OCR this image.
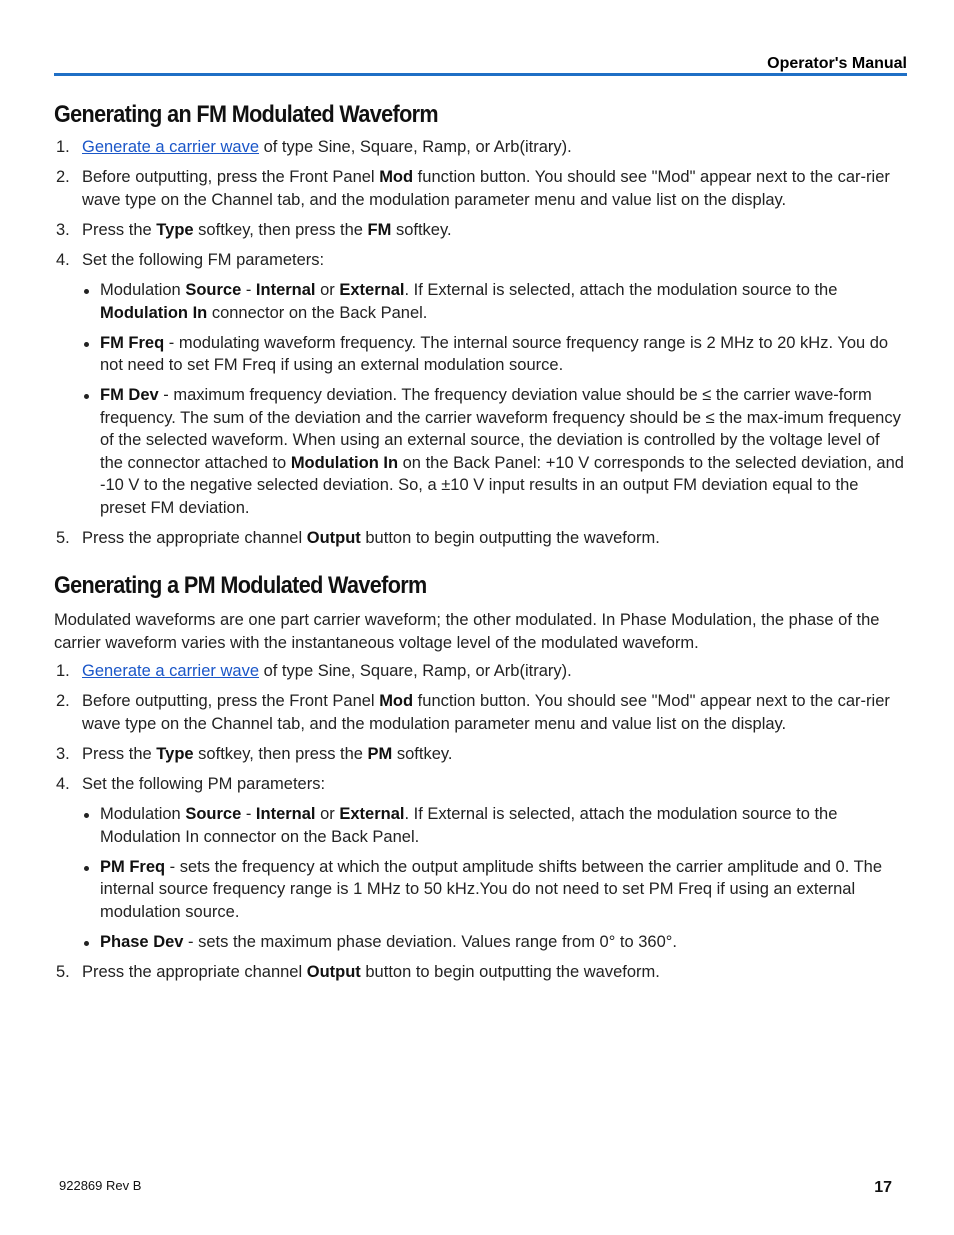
Operator's Manual
Generating an FM Modulated Waveform
1. Generate a carrier wave of type Sine, Square, Ramp, or Arb(itrary).
2. Before outputting, press the Front Panel Mod function button. You should see "Mod" appear next to the car-rier wave type on the Channel tab, and the modulation parameter menu and value list on the display.
3. Press the Type softkey, then press the FM softkey.
4. Set the following FM parameters:
Modulation Source - Internal or External. If External is selected, attach the modulation source to the Modulation In connector on the Back Panel.
FM Freq - modulating waveform frequency. The internal source frequency range is 2 MHz to 20 kHz. You do not need to set FM Freq if using an external modulation source.
FM Dev - maximum frequency deviation. The frequency deviation value should be ≤ the carrier wave-form frequency. The sum of the deviation and the carrier waveform frequency should be ≤ the max-imum frequency of the selected waveform. When using an external source, the deviation is controlled by the voltage level of the connector attached to Modulation In on the Back Panel: +10 V corresponds to the selected deviation, and -10 V to the negative selected deviation. So, a ±10 V input results in an output FM deviation equal to the preset FM deviation.
5. Press the appropriate channel Output button to begin outputting the waveform.
Generating a PM Modulated Waveform

Modulated waveforms are one part carrier waveform; the other modulated. In Phase Modulation, the phase of the carrier waveform varies with the instantaneous voltage level of the modulated waveform.

1. Generate a carrier wave of type Sine, Square, Ramp, or Arb(itrary).
2. Before outputting, press the Front Panel Mod function button. You should see "Mod" appear next to the car-rier wave type on the Channel tab, and the modulation parameter menu and value list on the display.
3. Press the Type softkey, then press the PM softkey.
4. Set the following PM parameters:
Modulation Source - Internal or External. If External is selected, attach the modulation source to the Modulation In connector on the Back Panel.
PM Freq - sets the frequency at which the output amplitude shifts between the carrier amplitude and 0. The internal source frequency range is 1 MHz to 50 kHz.You do not need to set PM Freq if using an external modulation source.
Phase Dev - sets the maximum phase deviation. Values range from 0° to 360°.
5. Press the appropriate channel Output button to begin outputting the waveform.
922869 Rev B	17
